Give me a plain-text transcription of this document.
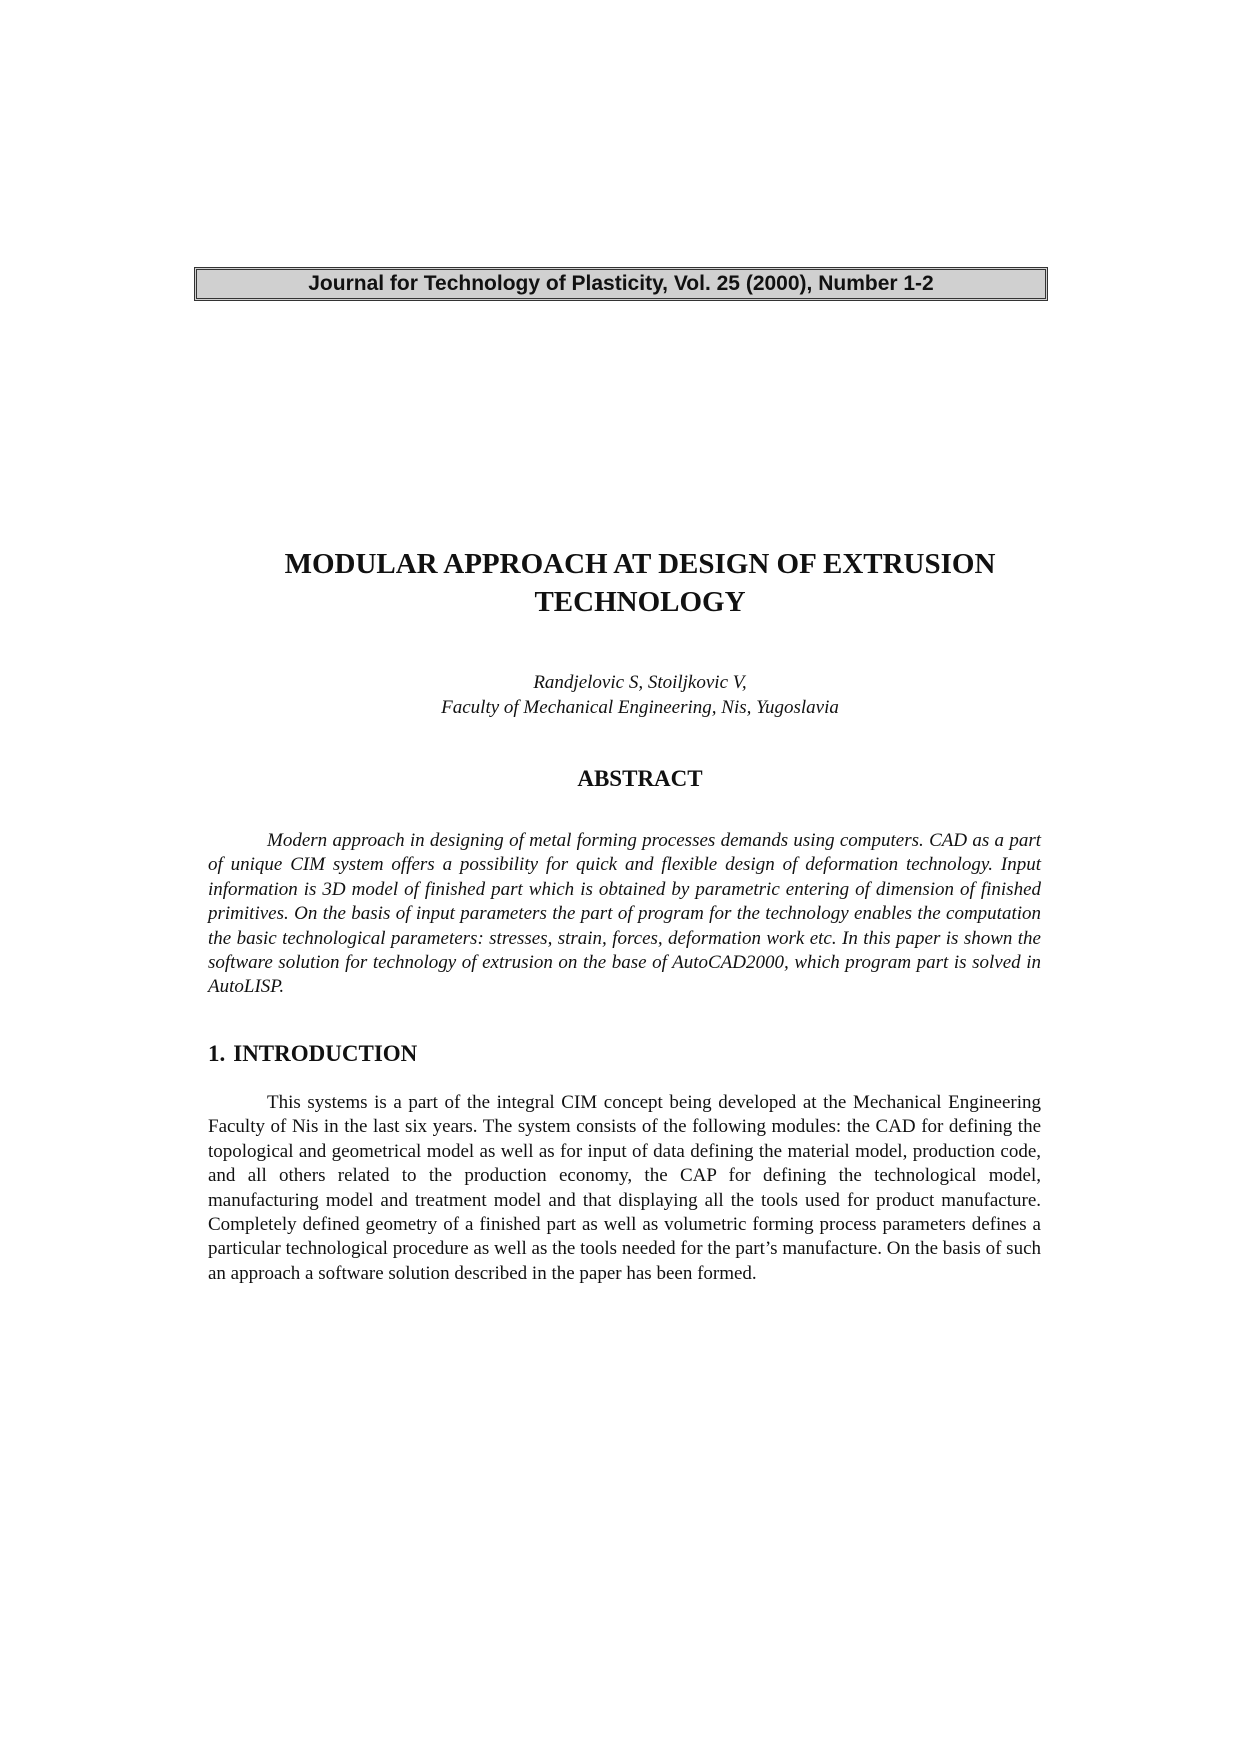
Journal for Technology of Plasticity, Vol. 25 (2000), Number 1-2
MODULAR APPROACH AT DESIGN OF EXTRUSION
TECHNOLOGY
Randjelovic S, Stoiljkovic V,
Faculty of Mechanical Engineering, Nis, Yugoslavia
ABSTRACT

Modern approach in designing of metal forming processes demands using computers. CAD as a part of unique CIM system offers a possibility for quick and flexible design of deformation technology. Input information is 3D model of finished part which is obtained by parametric entering of dimension of finished primitives. On the basis of input parameters the part of program for the technology enables the computation the basic technological parameters: stresses, strain, forces, deformation work etc. In this paper is shown the software solution for technology of extrusion on the base of AutoCAD2000, which program part is solved in AutoLISP.

1. INTRODUCTION

This systems is a part of the integral CIM concept being developed at the Mechanical Engineering Faculty of Nis in the last six years. The system consists of the following modules: the CAD for defining the topological and geometrical model as well as for input of data defining the material model, production code, and all others related to the production economy, the CAP for defining the technological model, manufacturing model and treatment model and that displaying all the tools used for product manufacture. Completely defined geometry of a finished part as well as volumetric forming process parameters defines a particular technological procedure as well as the tools needed for the part’s manufacture. On the basis of such an approach a software solution described in the paper has been formed.
